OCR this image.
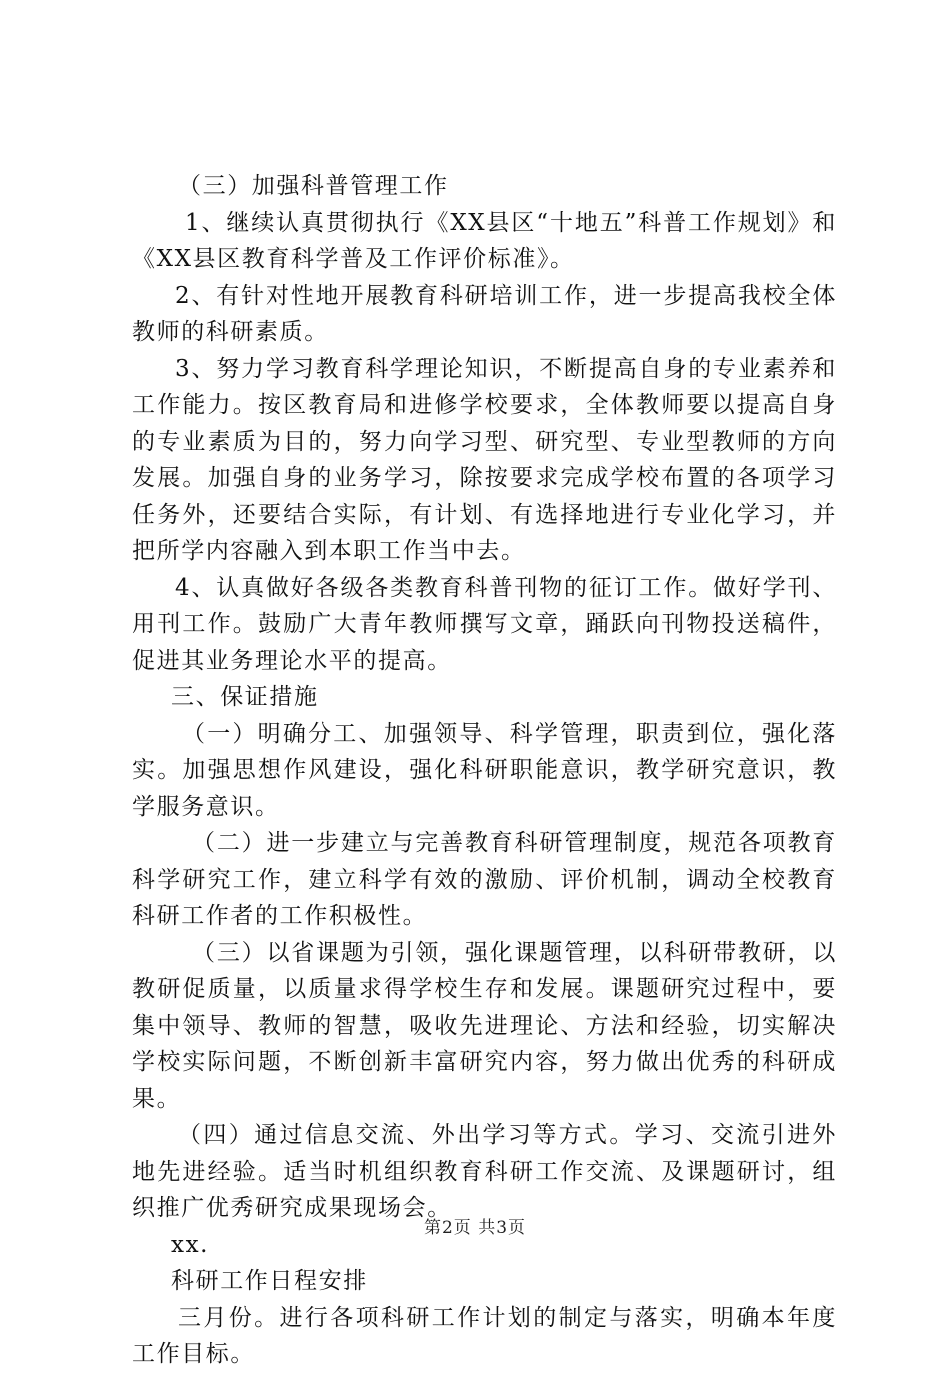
（三）加强科普管理工作

1、继续认真贯彻执行《XX县区“十地五”科普工作规划》和《XX县区教育科学普及工作评价标准》。

2、有针对性地开展教育科研培训工作，进一步提高我校全体教师的科研素质。

3、努力学习教育科学理论知识，不断提高自身的专业素养和工作能力。按区教育局和进修学校要求，全体教师要以提高自身的专业素质为目的，努力向学习型、研究型、专业型教师的方向发展。加强自身的业务学习，除按要求完成学校布置的各项学习任务外，还要结合实际，有计划、有选择地进行专业化学习，并把所学内容融入到本职工作当中去。

4、认真做好各级各类教育科普刊物的征订工作。做好学刊、用刊工作。鼓励广大青年教师撰写文章，踊跃向刊物投送稿件，促进其业务理论水平的提高。

三、保证措施

（一）明确分工、加强领导、科学管理，职责到位，强化落实。加强思想作风建设，强化科研职能意识，教学研究意识，教学服务意识。

（二）进一步建立与完善教育科研管理制度，规范各项教育科学研究工作，建立科学有效的激励、评价机制，调动全校教育科研工作者的工作积极性。

（三）以省课题为引领，强化课题管理，以科研带教研，以教研促质量，以质量求得学校生存和发展。课题研究过程中，要集中领导、教师的智慧，吸收先进理论、方法和经验，切实解决学校实际问题，不断创新丰富研究内容，努力做出优秀的科研成果。

（四）通过信息交流、外出学习等方式。学习、交流引进外地先进经验。适当时机组织教育科研工作交流、及课题研讨，组织推广优秀研究成果现场会。

xx.

科研工作日程安排

三月份。进行各项科研工作计划的制定与落实，明确本年度工作目标。

第2页 共3页
